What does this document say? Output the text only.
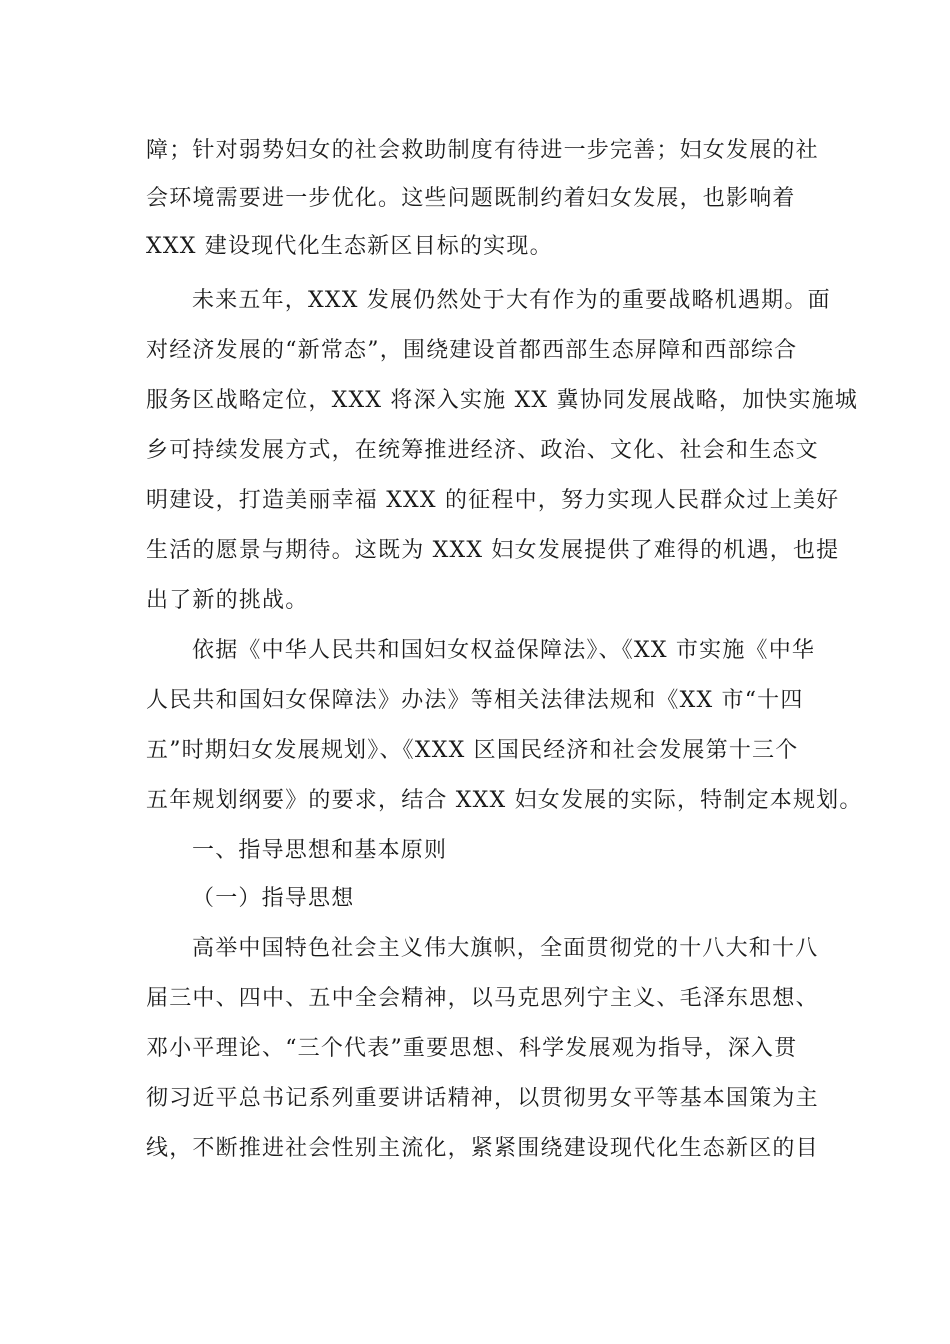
障；针对弱势妇女的社会救助制度有待进一步完善；妇女发展的社
会环境需要进一步优化。这些问题既制约着妇女发展，也影响着
XXX 建设现代化生态新区目标的实现。
未来五年，XXX 发展仍然处于大有作为的重要战略机遇期。面
对经济发展的“新常态”，围绕建设首都西部生态屏障和西部综合
服务区战略定位，XXX 将深入实施 XX 冀协同发展战略，加快实施城
乡可持续发展方式，在统筹推进经济、政治、文化、社会和生态文
明建设，打造美丽幸福 XXX 的征程中，努力实现人民群众过上美好
生活的愿景与期待。这既为 XXX 妇女发展提供了难得的机遇，也提
出了新的挑战。
依据《中华人民共和国妇女权益保障法》、《XX 市实施《中华
人民共和国妇女保障法》办法》等相关法律法规和《XX 市“十四
五”时期妇女发展规划》、《XXX 区国民经济和社会发展第十三个
五年规划纲要》的要求，结合 XXX 妇女发展的实际，特制定本规划。
一、指导思想和基本原则
（一）指导思想
高举中国特色社会主义伟大旗帜，全面贯彻党的十八大和十八
届三中、四中、五中全会精神，以马克思列宁主义、毛泽东思想、
邓小平理论、“三个代表”重要思想、科学发展观为指导，深入贯
彻习近平总书记系列重要讲话精神，以贯彻男女平等基本国策为主
线，不断推进社会性别主流化，紧紧围绕建设现代化生态新区的目
